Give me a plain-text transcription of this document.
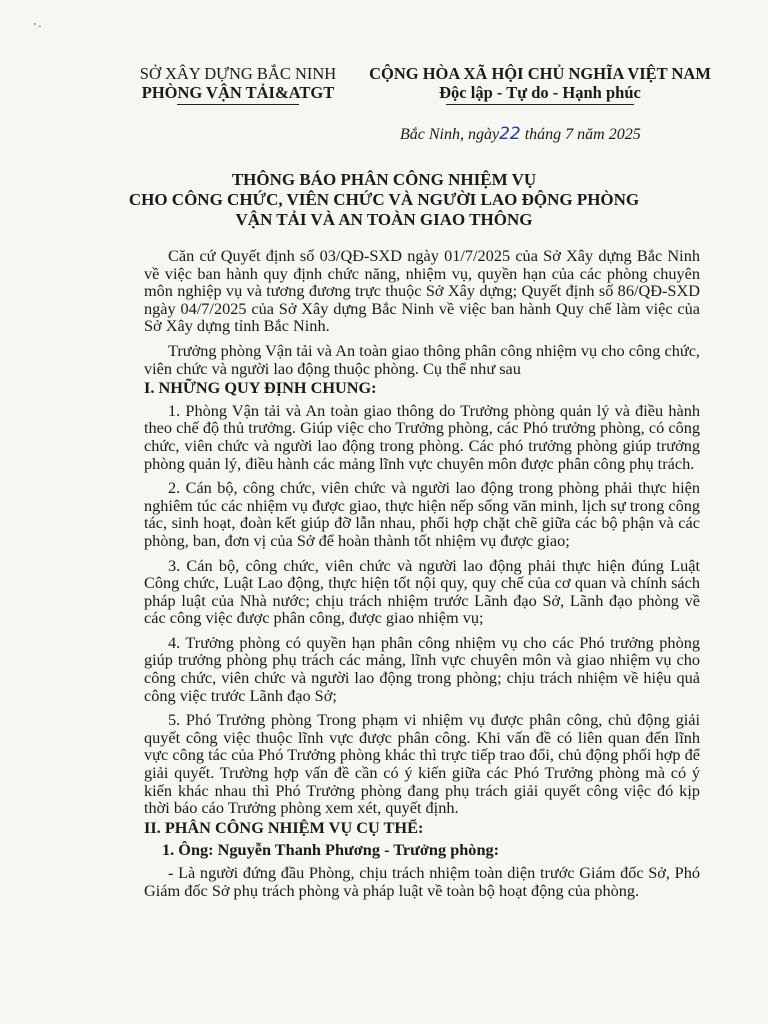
' ·
SỞ XÂY DỰNG BẮC NINH
PHÒNG VẬN TẢI&ATGT
CỘNG HÒA XÃ HỘI CHỦ NGHĨA VIỆT NAM
Độc lập - Tự do - Hạnh phúc
Bắc Ninh, ngày22 tháng 7 năm 2025
THÔNG BÁO PHÂN CÔNG NHIỆM VỤ
CHO CÔNG CHỨC, VIÊN CHỨC VÀ NGƯỜI LAO ĐỘNG PHÒNG
VẬN TẢI VÀ AN TOÀN GIAO THÔNG

Căn cứ Quyết định số 03/QĐ-SXD ngày 01/7/2025 của Sở Xây dựng Bắc Ninh về việc ban hành quy định chức năng, nhiệm vụ, quyền hạn của các phòng chuyên môn nghiệp vụ và tương đương trực thuộc Sở Xây dựng; Quyết định số 86/QĐ-SXD ngày 04/7/2025 của Sở Xây dựng Bắc Ninh về việc ban hành Quy chế làm việc của Sở Xây dựng tỉnh Bắc Ninh.

Trưởng phòng Vận tải và An toàn giao thông phân công nhiệm vụ cho công chức, viên chức và người lao động thuộc phòng. Cụ thể như sau

I. NHỮNG QUY ĐỊNH CHUNG:

1. Phòng Vận tải và An toàn giao thông do Trưởng phòng quản lý và điều hành theo chế độ thủ trưởng. Giúp việc cho Trưởng phòng, các Phó trưởng phòng, có công chức, viên chức và người lao động trong phòng. Các phó trưởng phòng giúp trưởng phòng quản lý, điều hành các mảng lĩnh vực chuyên môn được phân công phụ trách.

2. Cán bộ, công chức, viên chức và người lao động trong phòng phải thực hiện nghiêm túc các nhiệm vụ được giao, thực hiện nếp sống văn minh, lịch sự trong công tác, sinh hoạt, đoàn kết giúp đỡ lẫn nhau, phối hợp chặt chẽ giữa các bộ phận và các phòng, ban, đơn vị của Sở để hoàn thành tốt nhiệm vụ được giao;

3. Cán bộ, công chức, viên chức và người lao động phải thực hiện đúng Luật Công chức, Luật Lao động, thực hiện tốt nội quy, quy chế của cơ quan và chính sách pháp luật của Nhà nước; chịu trách nhiệm trước Lãnh đạo Sở, Lãnh đạo phòng về các công việc được phân công, được giao nhiệm vụ;

4. Trưởng phòng có quyền hạn phân công nhiệm vụ cho các Phó trưởng phòng giúp trưởng phòng phụ trách các mảng, lĩnh vực chuyên môn và giao nhiệm vụ cho công chức, viên chức và người lao động trong phòng; chịu trách nhiệm về hiệu quả công việc trước Lãnh đạo Sở;

5. Phó Trưởng phòng Trong phạm vi nhiệm vụ được phân công, chủ động giải quyết công việc thuộc lĩnh vực được phân công. Khi vấn đề có liên quan đến lĩnh vực công tác của Phó Trưởng phòng khác thì trực tiếp trao đổi, chủ động phối hợp để giải quyết. Trường hợp vấn đề cần có ý kiến giữa các Phó Trưởng phòng mà có ý kiến khác nhau thì Phó Trưởng phòng đang phụ trách giải quyết công việc đó kịp thời báo cáo Trưởng phòng xem xét, quyết định.

II. PHÂN CÔNG NHIỆM VỤ CỤ THỂ:

1. Ông: Nguyễn Thanh Phương - Trưởng phòng:

- Là người đứng đầu Phòng, chịu trách nhiệm toàn diện trước Giám đốc Sở, Phó Giám đốc Sở phụ trách phòng và pháp luật về toàn bộ hoạt động của phòng.
